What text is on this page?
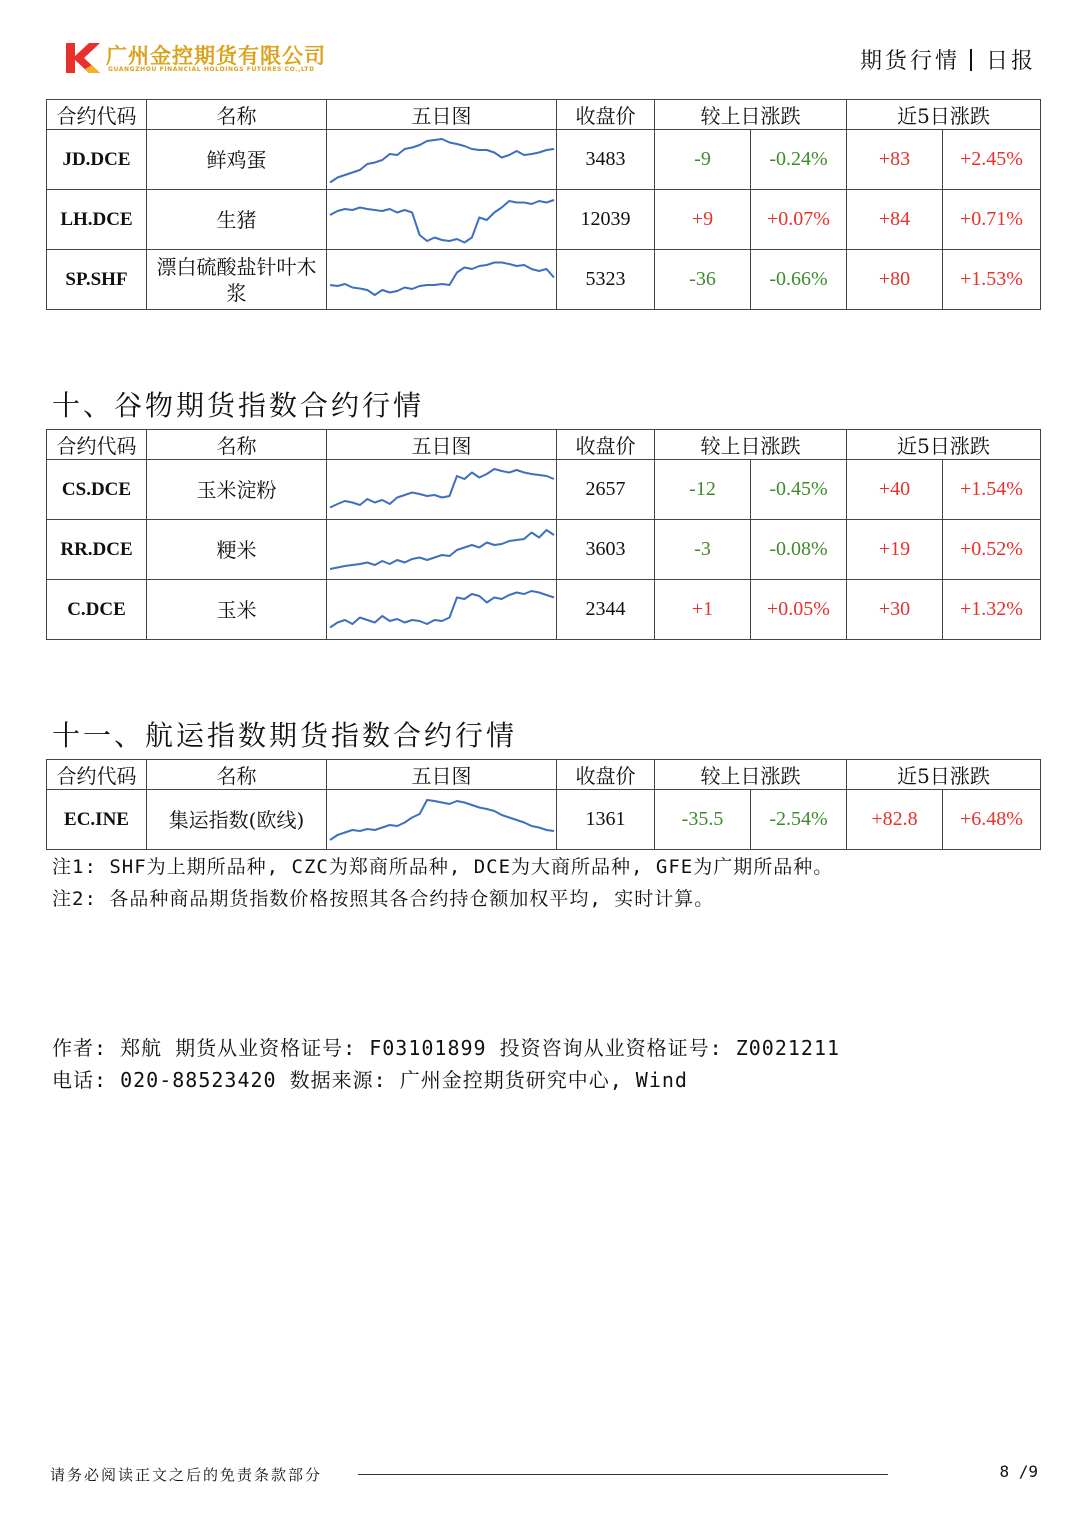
广州金控期货有限公司
GUANGZHOU FINANCIAL HOLDINGS FUTURES CO.,LTD	期货行情 日报
合约代码	名称	五日图	收盘价	较上日涨跌		近5日涨跌	
JD.DCE	鲜鸡蛋		3483	-9	-0.24%	+83	+2.45%
LH.DCE	生猪		12039	+9	+0.07%	+84	+0.71%
SP.SHF	漂白硫酸盐针叶木浆		5323	-36	-0.66%	+80	+1.53%
十、谷物期货指数合约行情
合约代码	名称	五日图	收盘价	较上日涨跌		近5日涨跌	
CS.DCE	玉米淀粉		2657	-12	-0.45%	+40	+1.54%
RR.DCE	粳米		3603	-3	-0.08%	+19	+0.52%
C.DCE	玉米		2344	+1	+0.05%	+30	+1.32%
十一、航运指数期货指数合约行情
合约代码	名称	五日图	收盘价	较上日涨跌		近5日涨跌	
EC.INE	集运指数(欧线)		1361	-35.5	-2.54%	+82.8	+6.48%
注1: SHF为上期所品种, CZC为郑商所品种, DCE为大商所品种, GFE为广期所品种。
注2: 各品种商品期货指数价格按照其各合约持仓额加权平均, 实时计算。
作者: 郑航 期货从业资格证号: F03101899 投资咨询从业资格证号: Z0021211
电话: 020-88523420 数据来源: 广州金控期货研究中心, Wind
请务必阅读正文之后的免责条款部分	8 /9
